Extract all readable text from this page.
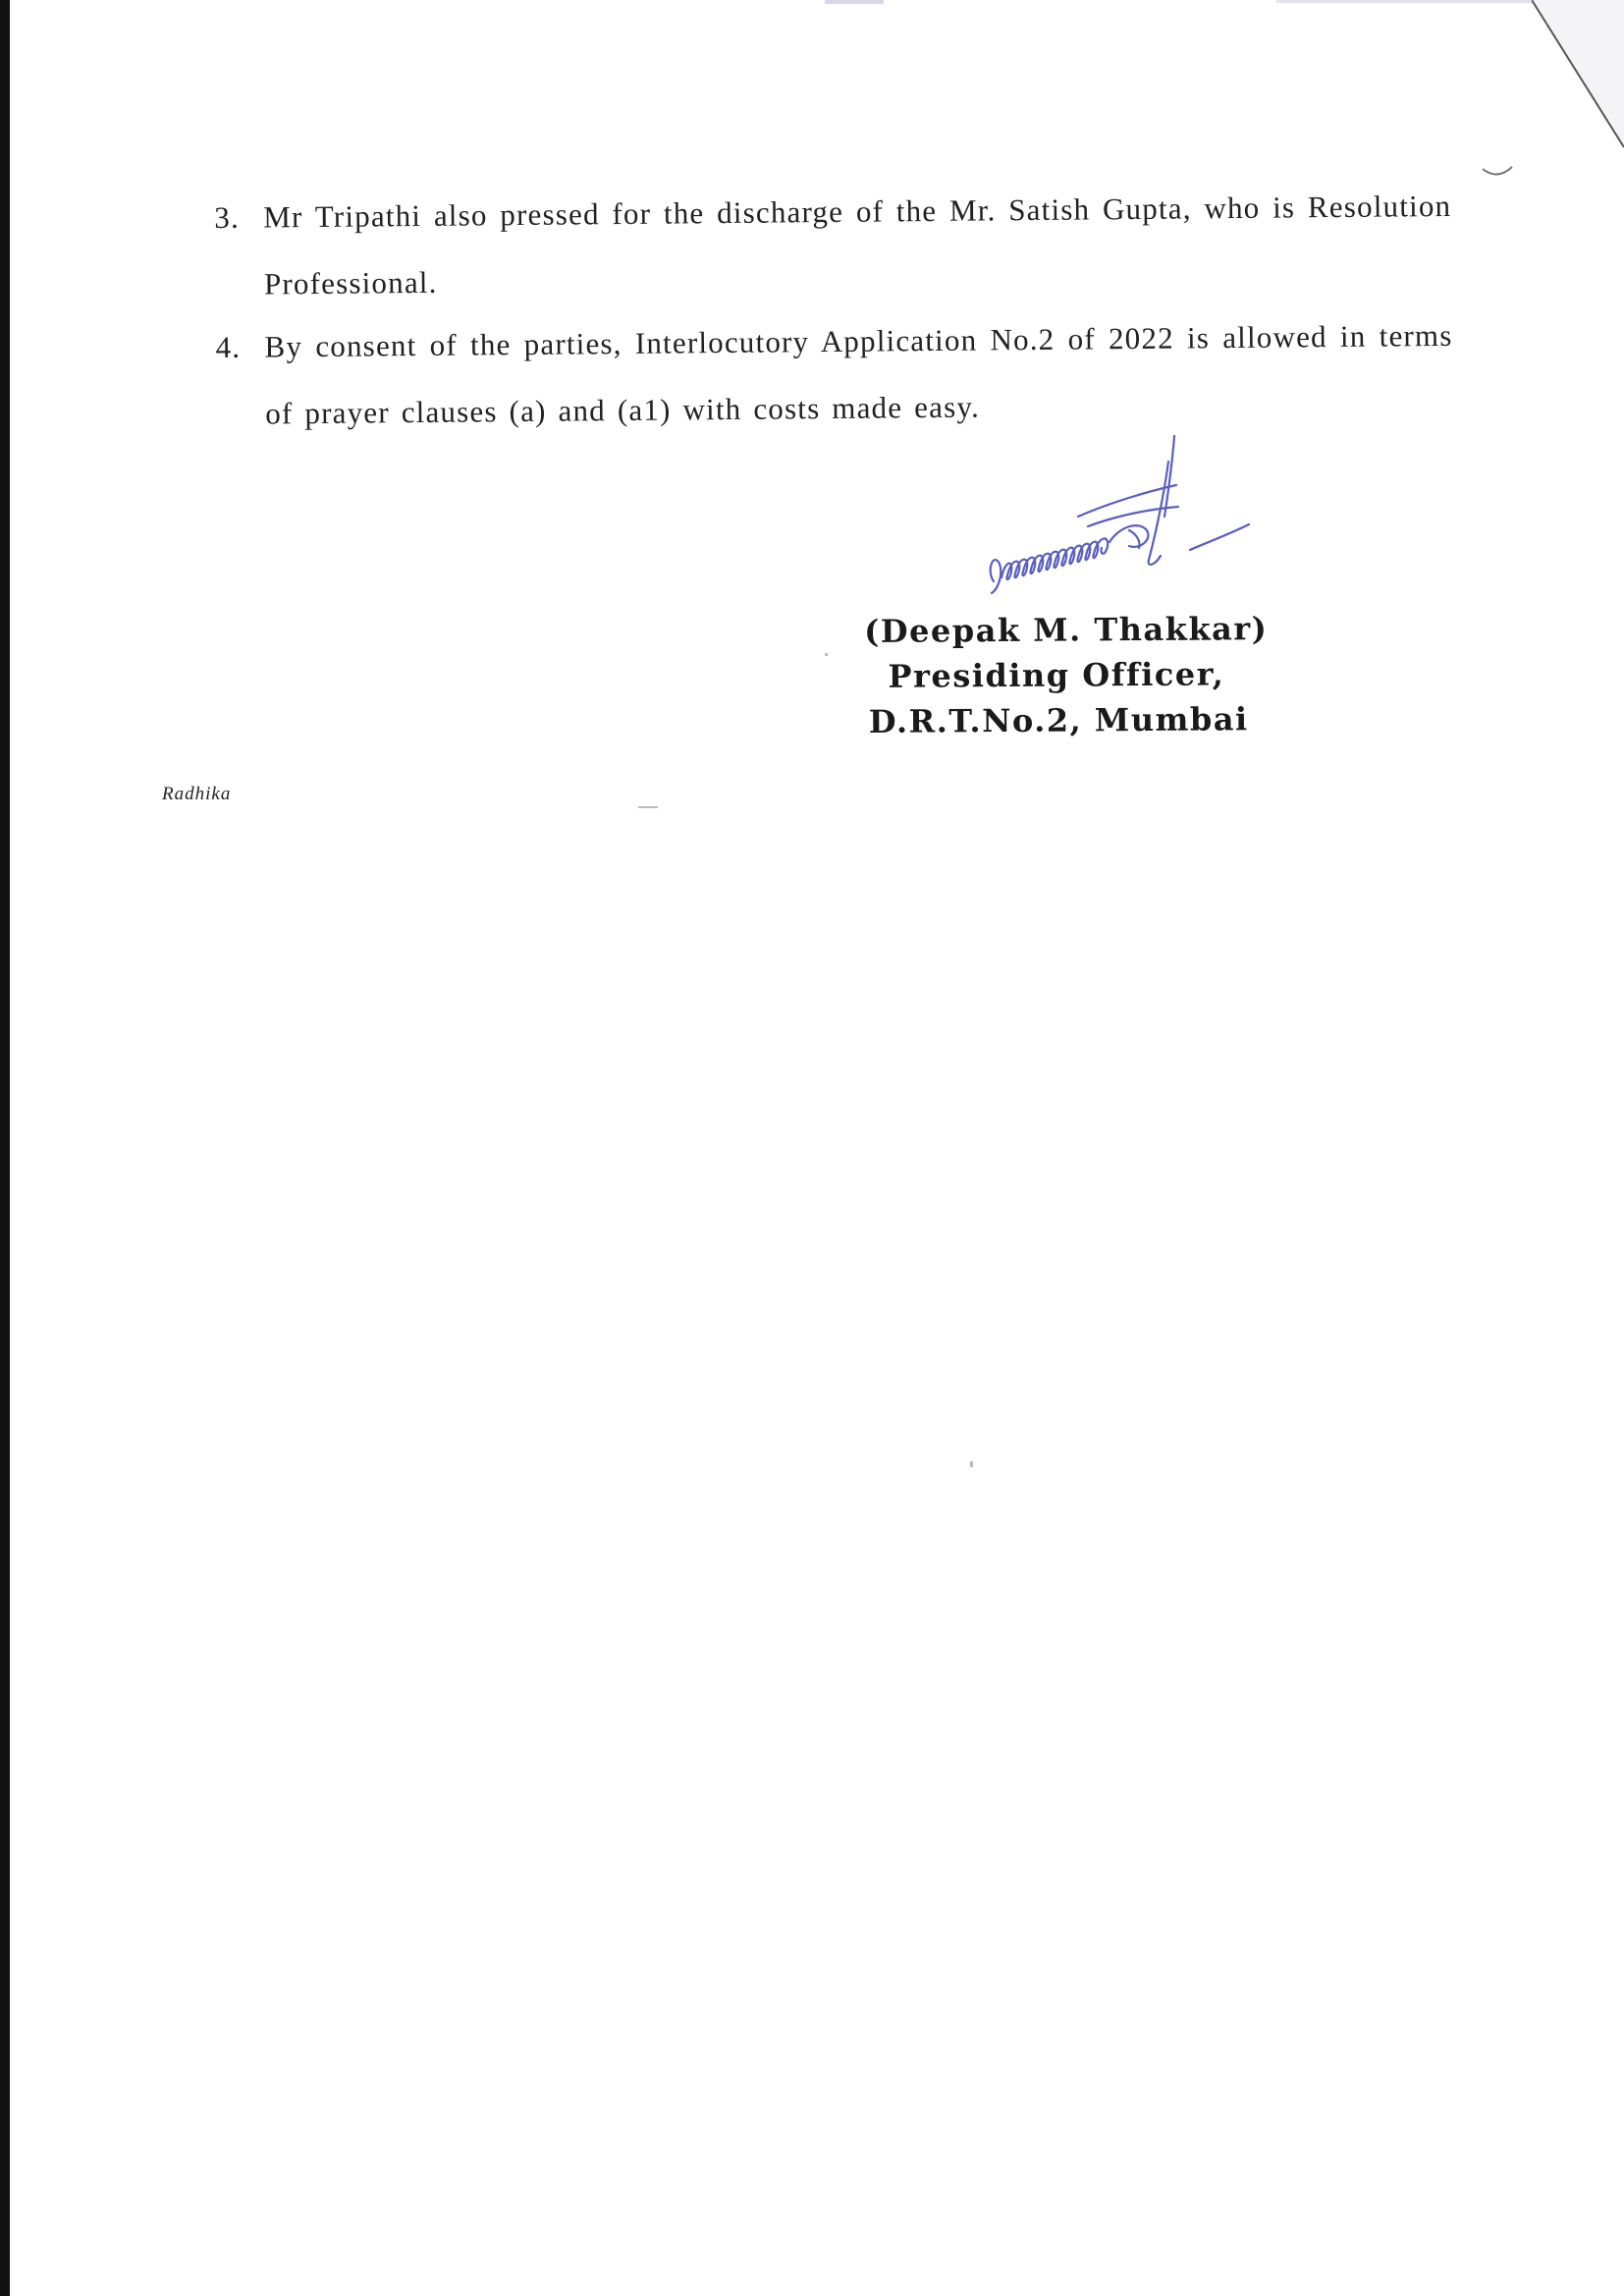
3. Mr Tripathi also pressed for the discharge of the Mr. Satish Gupta, who is Resolution Professional.

4. By consent of the parties, Interlocutory Application No.2 of 2022 is allowed in terms of prayer clauses (a) and (a1) with costs made easy.

(Deepak M. Thakkar)
Presiding Officer,
D.R.T.No.2, Mumbai
Radhika
